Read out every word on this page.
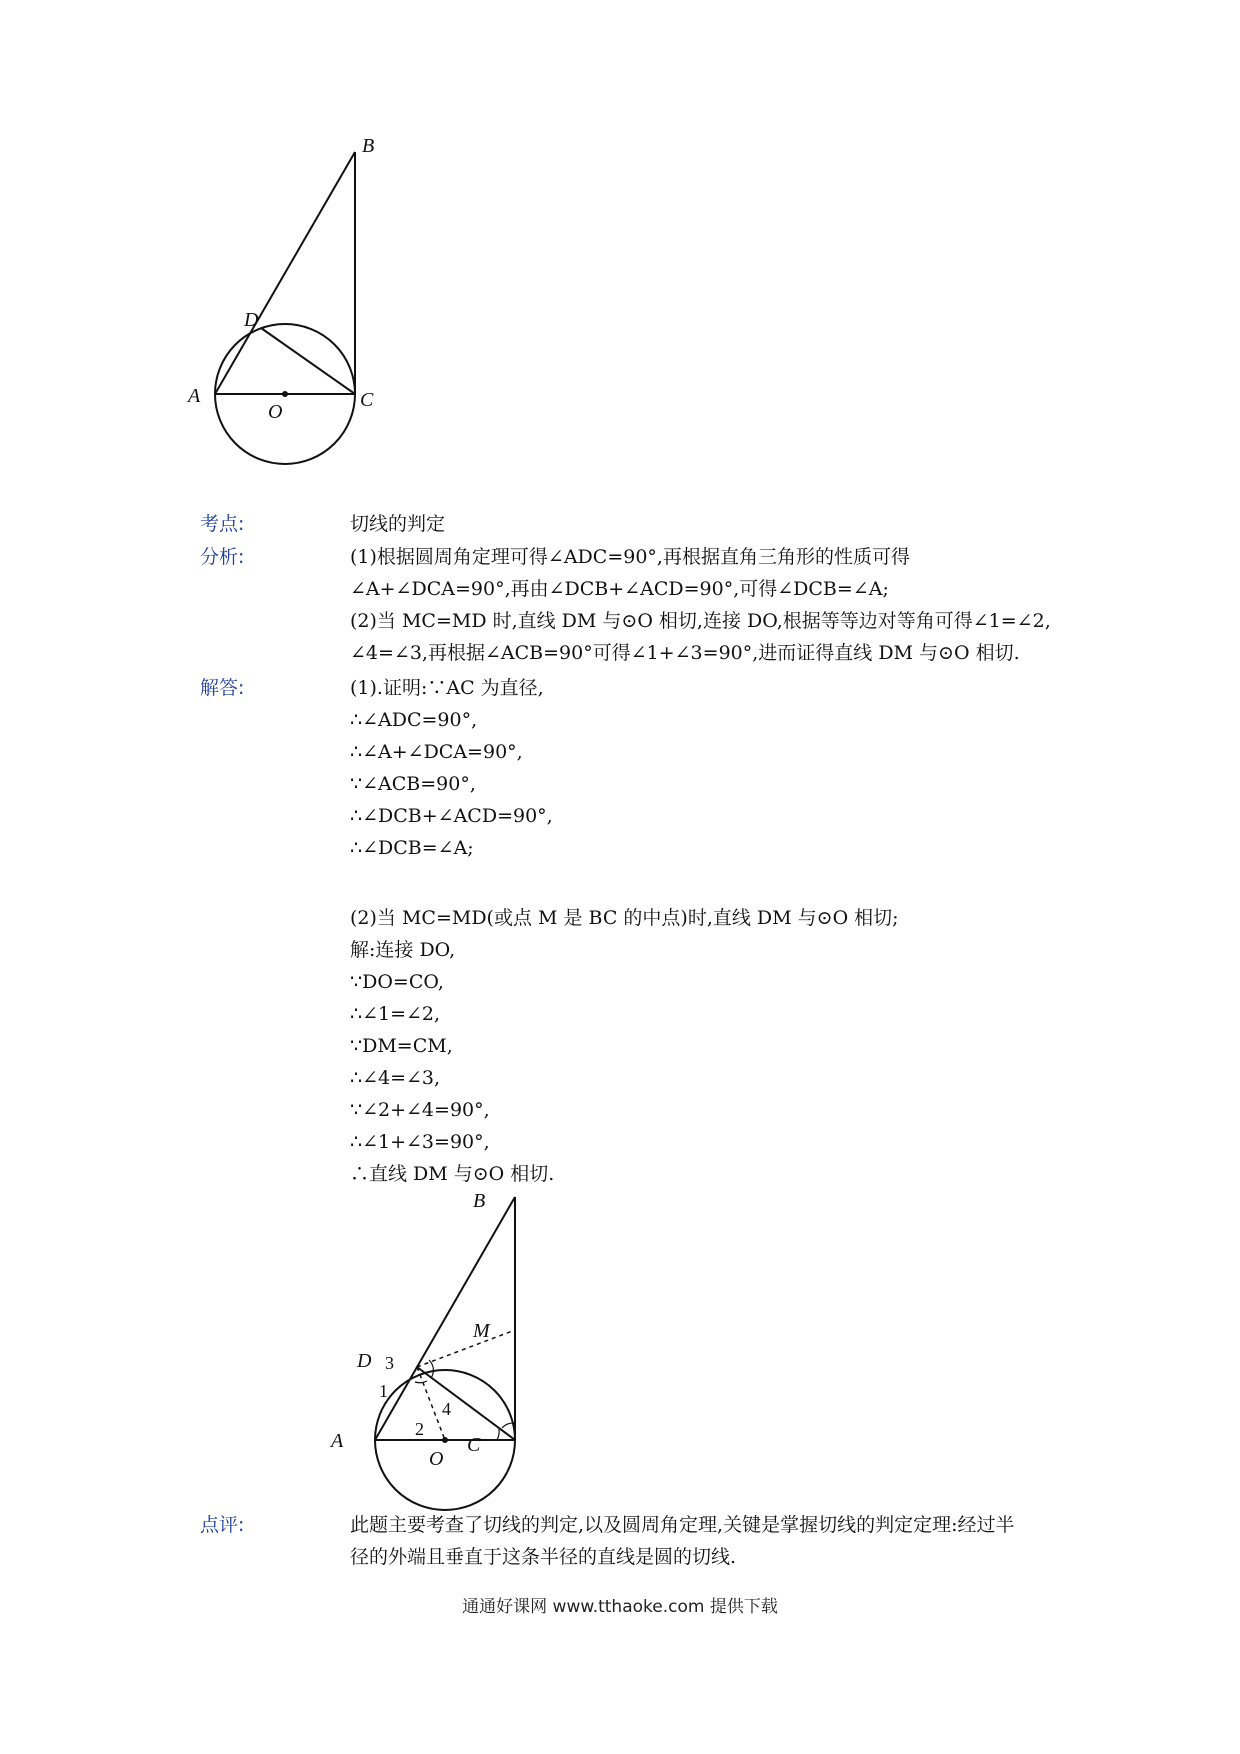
B
D
A	C
O
考点:	切线的判定
分析:	(1)根据圆周角定理可得∠ADC=90°,再根据直角三角形的性质可得
∠A+∠DCA=90°,再由∠DCB+∠ACD=90°,可得∠DCB=∠A;
(2)当 MC=MD 时,直线 DM 与⊙O 相切,连接 DO,根据等等边对等角可得∠1=∠2,
∠4=∠3,再根据∠ACB=90°可得∠1+∠3=90°,进而证得直线 DM 与⊙O 相切.
解答:	(1).证明:∵AC 为直径,
∴∠ADC=90°,
∴∠A+∠DCA=90°,
∵∠ACB=90°,
∴∠DCB+∠ACD=90°,
∴∠DCB=∠A;
(2)当 MC=MD(或点 M 是 BC 的中点)时,直线 DM 与⊙O 相切;
解:连接 DO,
∵DO=CO,
∴∠1=∠2,
∵DM=CM,
∴∠4=∠3,
∵∠2+∠4=90°,
∴∠1+∠3=90°,
∴直线 DM 与⊙O 相切.
B
M
D
A	C
O
3
1
2
4
点评:	此题主要考查了切线的判定,以及圆周角定理,关键是掌握切线的判定定理:经过半
径的外端且垂直于这条半径的直线是圆的切线.
通通好课网 www.tthaoke.com 提供下载
